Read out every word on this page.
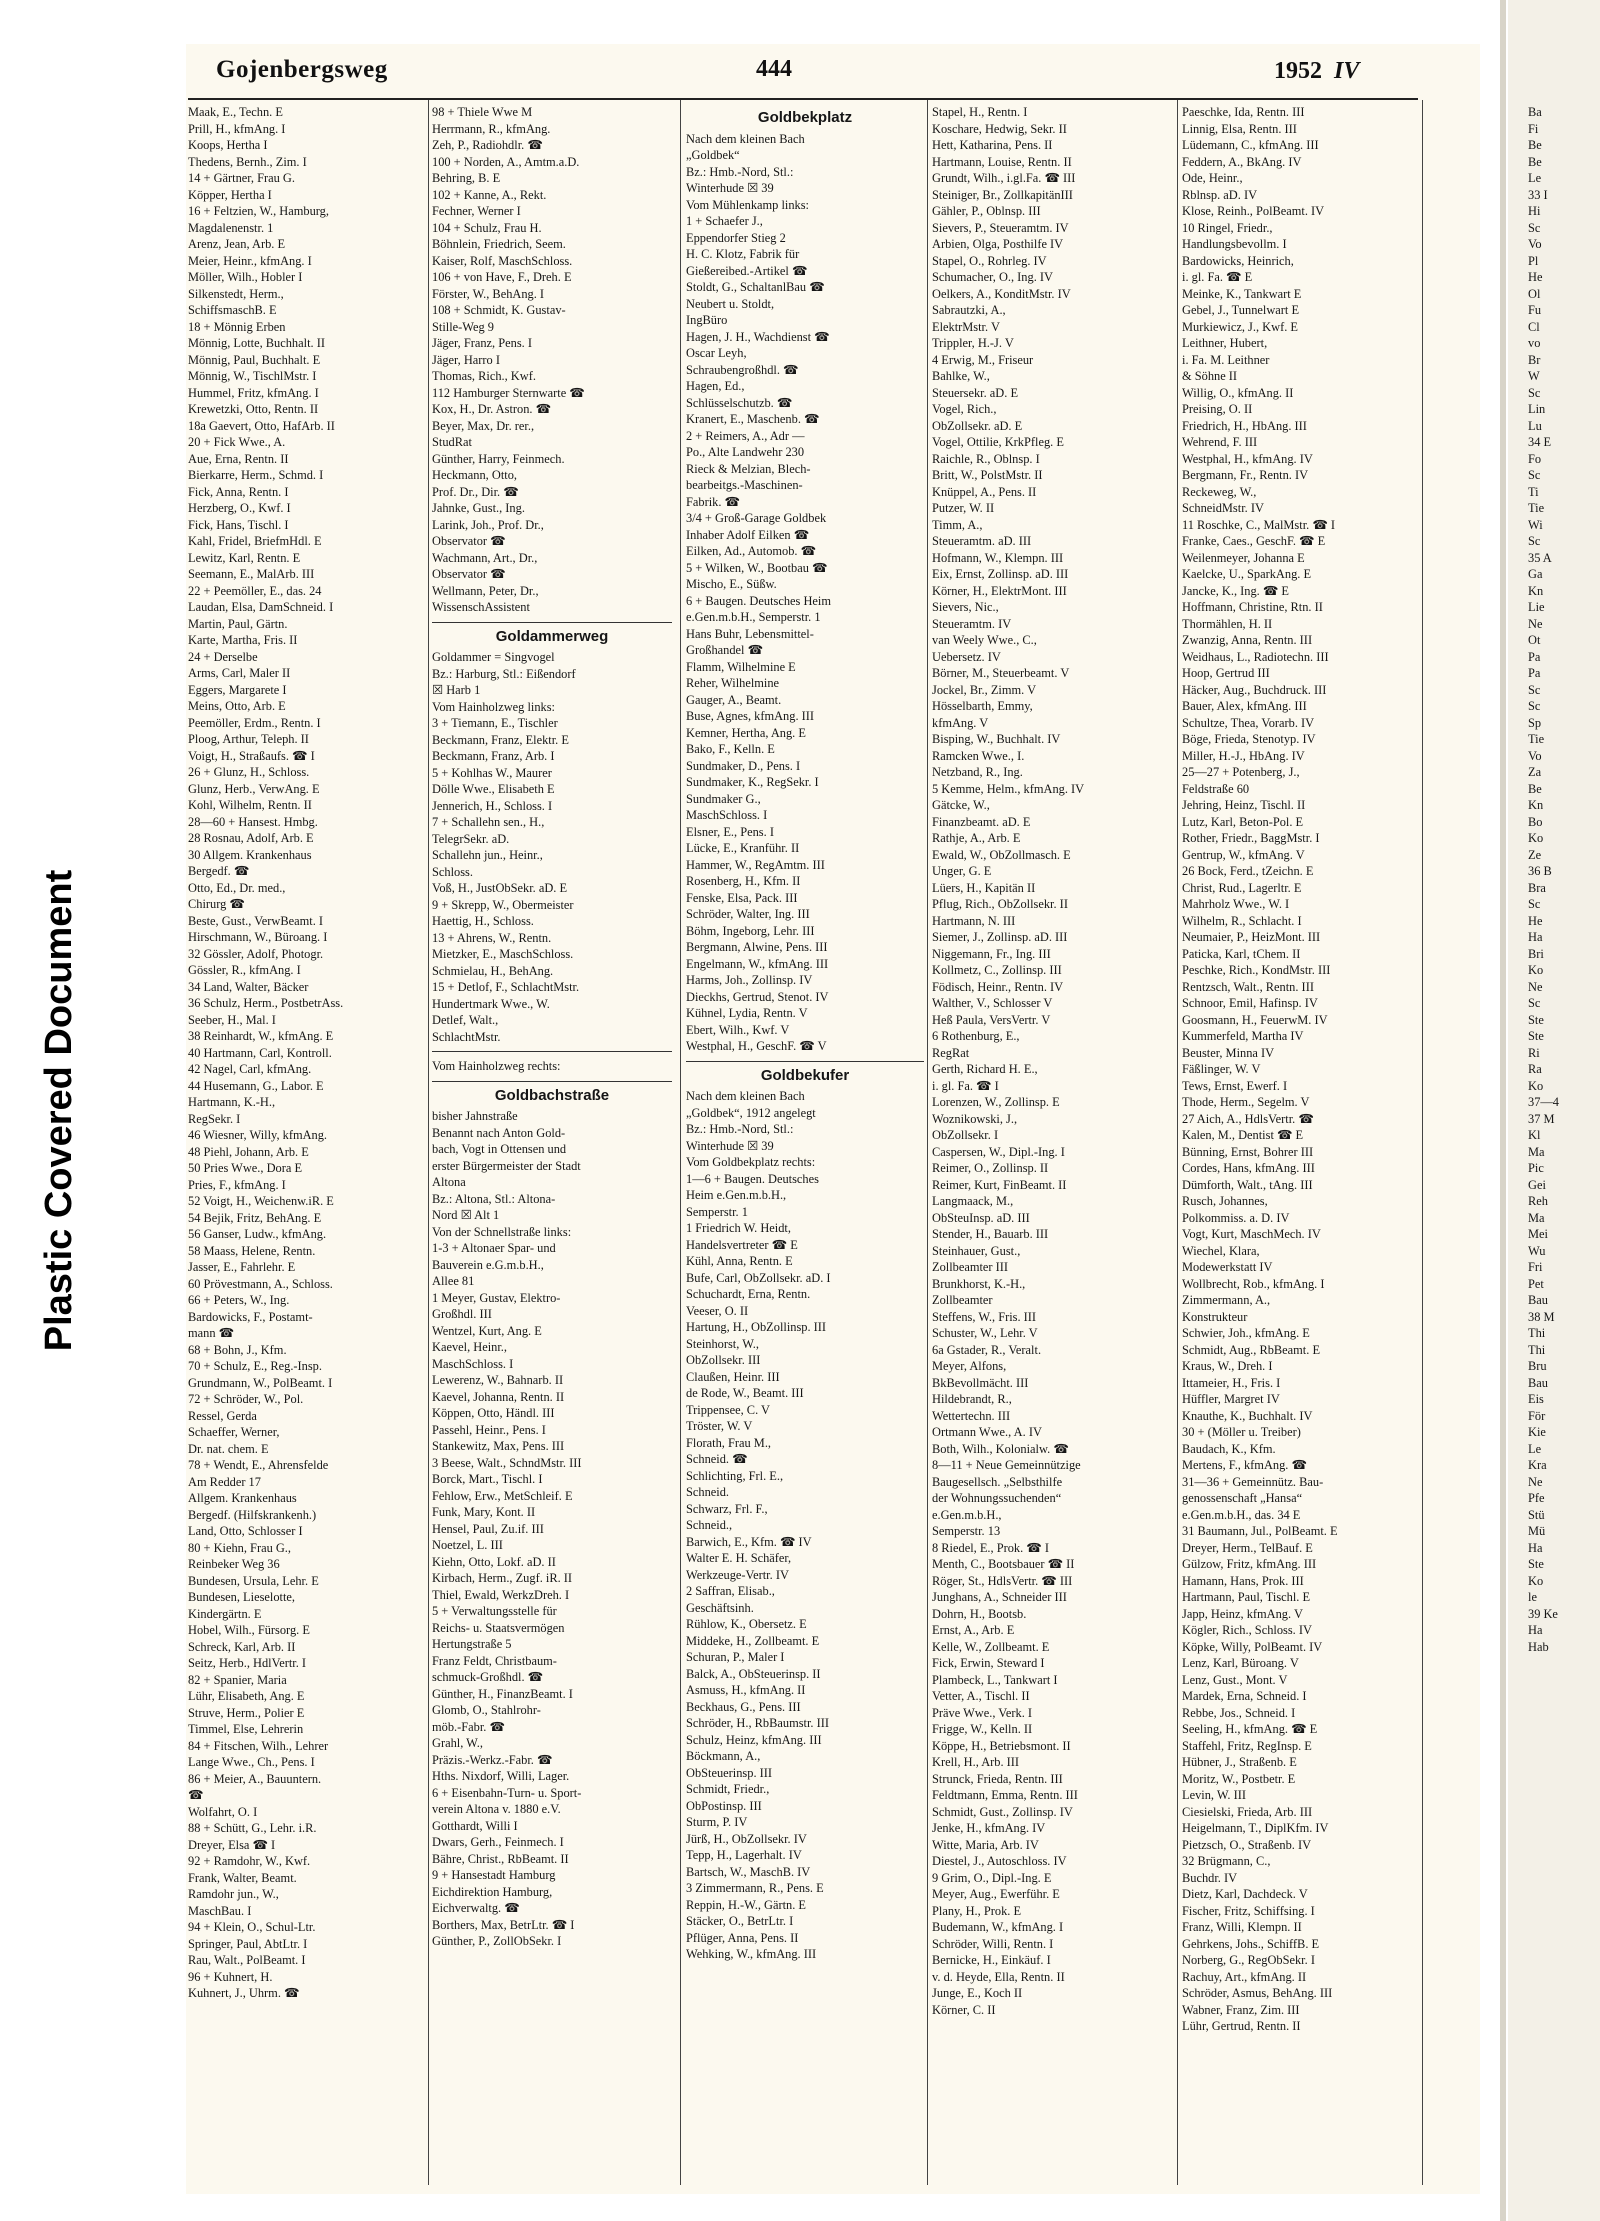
Plastic Covered Document
Gojenbergsweg	444	1952 IV
Maak, E., Techn. E
Prill, H., kfmAng. I
Koops, Hertha I
Thedens, Bernh., Zim. I
14 + Gärtner, Frau G.
Köpper, Hertha I
16 + Feltzien, W., Hamburg,
Magdalenenstr. 1
Arenz, Jean, Arb. E
Meier, Heinr., kfmAng. I
Möller, Wilh., Hobler I
Silkenstedt, Herm.,
SchiffsmaschB. E
18 + Mönnig Erben
Mönnig, Lotte, Buchhalt. II
Mönnig, Paul, Buchhalt. E
Mönnig, W., TischlMstr. I
Hummel, Fritz, kfmAng. I
Krewetzki, Otto, Rentn. II
18a Gaevert, Otto, HafArb. II
20 + Fick Wwe., A.
Aue, Erna, Rentn. II
Bierkarre, Herm., Schmd. I
Fick, Anna, Rentn. I
Herzberg, O., Kwf. I
Fick, Hans, Tischl. I
Kahl, Fridel, BriefmHdl. E
Lewitz, Karl, Rentn. E
Seemann, E., MalArb. III
22 + Peemöller, E., das. 24
Laudan, Elsa, DamSchneid. I
Martin, Paul, Gärtn.
Karte, Martha, Fris. II
24 + Derselbe
Arms, Carl, Maler II
Eggers, Margarete I
Meins, Otto, Arb. E
Peemöller, Erdm., Rentn. I
Ploog, Arthur, Teleph. II
Voigt, H., Straßaufs. ☎ I
26 + Glunz, H., Schloss.
Glunz, Herb., VerwAng. E
Kohl, Wilhelm, Rentn. II
28—60 + Hansest. Hmbg.
28 Rosnau, Adolf, Arb. E
30 Allgem. Krankenhaus
Bergedf. ☎
Otto, Ed., Dr. med.,
Chirurg ☎
Beste, Gust., VerwBeamt. I
Hirschmann, W., Büroang. I
32 Gössler, Adolf, Photogr.
Gössler, R., kfmAng. I
34 Land, Walter, Bäcker
36 Schulz, Herm., PostbetrAss.
Seeber, H., Mal. I
38 Reinhardt, W., kfmAng. E
40 Hartmann, Carl, Kontroll.
42 Nagel, Carl, kfmAng.
44 Husemann, G., Labor. E
Hartmann, K.-H.,
RegSekr. I
46 Wiesner, Willy, kfmAng.
48 Piehl, Johann, Arb. E
50 Pries Wwe., Dora E
Pries, F., kfmAng. I
52 Voigt, H., Weichenw.iR. E
54 Bejik, Fritz, BehAng. E
56 Ganser, Ludw., kfmAng.
58 Maass, Helene, Rentn.
Jasser, E., Fahrlehr. E
60 Prövestmann, A., Schloss.
66 + Peters, W., Ing.
Bardowicks, F., Postamt-
mann ☎
68 + Bohn, J., Kfm.
70 + Schulz, E., Reg.-Insp.
Grundmann, W., PolBeamt. I
72 + Schröder, W., Pol.
Ressel, Gerda
Schaeffer, Werner,
Dr. nat. chem. E
78 + Wendt, E., Ahrensfelde
Am Redder 17
Allgem. Krankenhaus
Bergedf. (Hilfskrankenh.)
Land, Otto, Schlosser I
80 + Kiehn, Frau G.,
Reinbeker Weg 36
Bundesen, Ursula, Lehr. E
Bundesen, Lieselotte,
Kindergärtn. E
Hobel, Wilh., Fürsorg. E
Schreck, Karl, Arb. II
Seitz, Herb., HdlVertr. I
82 + Spanier, Maria
Lühr, Elisabeth, Ang. E
Struve, Herm., Polier E
Timmel, Else, Lehrerin
84 + Fitschen, Wilh., Lehrer
Lange Wwe., Ch., Pens. I
86 + Meier, A., Bauuntern.
☎
Wolfahrt, O. I
88 + Schütt, G., Lehr. i.R.
Dreyer, Elsa ☎ I
92 + Ramdohr, W., Kwf.
Frank, Walter, Beamt.
Ramdohr jun., W.,
MaschBau. I
94 + Klein, O., Schul-Ltr.
Springer, Paul, AbtLtr. I
Rau, Walt., PolBeamt. I
96 + Kuhnert, H.
Kuhnert, J., Uhrm. ☎
98 + Thiele Wwe M
Herrmann, R., kfmAng.
Zeh, P., Radiohdlr. ☎
100 + Norden, A., Amtm.a.D.
Behring, B. E
102 + Kanne, A., Rekt.
Fechner, Werner I
104 + Schulz, Frau H.
Böhnlein, Friedrich, Seem.
Kaiser, Rolf, MaschSchloss.
106 + von Have, F., Dreh. E
Förster, W., BehAng. I
108 + Schmidt, K. Gustav-
Stille-Weg 9
Jäger, Franz, Pens. I
Jäger, Harro I
Thomas, Rich., Kwf.
112 Hamburger Sternwarte ☎
Kox, H., Dr. Astron. ☎
Beyer, Max, Dr. rer.,
StudRat
Günther, Harry, Feinmech.
Heckmann, Otto,
Prof. Dr., Dir. ☎
Jahnke, Gust., Ing.
Larink, Joh., Prof. Dr.,
Observator ☎
Wachmann, Art., Dr.,
Observator ☎
Wellmann, Peter, Dr.,
WissenschAssistent
Goldammerweg
Goldammer = Singvogel
Bz.: Harburg, Stl.: Eißendorf
☒ Harb 1
Vom Hainholzweg links:
3 + Tiemann, E., Tischler
Beckmann, Franz, Elektr. E
Beckmann, Franz, Arb. I
5 + Kohlhas W., Maurer
Dölle Wwe., Elisabeth E
Jennerich, H., Schloss. I
7 + Schallehn sen., H.,
TelegrSekr. aD.
Schallehn jun., Heinr.,
Schloss.
Voß, H., JustObSekr. aD. E
9 + Skrepp, W., Obermeister
Haettig, H., Schloss.
13 + Ahrens, W., Rentn.
Mietzker, E., MaschSchloss.
Schmielau, H., BehAng.
15 + Detlof, F., SchlachtMstr.
Hundertmark Wwe., W.
Detlef, Walt.,
SchlachtMstr.
Vom Hainholzweg rechts:
Goldbachstraße
bisher Jahnstraße
Benannt nach Anton Gold-
bach, Vogt in Ottensen und
erster Bürgermeister der Stadt
Altona
Bz.: Altona, Stl.: Altona-
Nord ☒ Alt 1
Von der Schnellstraße links:
1-3 + Altonaer Spar- und
Bauverein e.G.m.b.H.,
Allee 81
1 Meyer, Gustav, Elektro-
Großhdl. III
Wentzel, Kurt, Ang. E
Kaevel, Heinr.,
MaschSchloss. I
Lewerenz, W., Bahnarb. II
Kaevel, Johanna, Rentn. II
Köppen, Otto, Händl. III
Passehl, Heinr., Pens. I
Stankewitz, Max, Pens. III
3 Beese, Walt., SchndMstr. III
Borck, Mart., Tischl. I
Fehlow, Erw., MetSchleif. E
Funk, Mary, Kont. II
Hensel, Paul, Zu.if. III
Noetzel, L. III
Kiehn, Otto, Lokf. aD. II
Kirbach, Herm., Zugf. iR. II
Thiel, Ewald, WerkzDreh. I
5 + Verwaltungsstelle für
Reichs- u. Staatsvermögen
Hertungstraße 5
Franz Feldt, Christbaum-
schmuck-Großhdl. ☎
Günther, H., FinanzBeamt. I
Glomb, O., Stahlrohr-
möb.-Fabr. ☎
Grahl, W.,
Präzis.-Werkz.-Fabr. ☎
Hths. Nixdorf, Willi, Lager.
6 + Eisenbahn-Turn- u. Sport-
verein Altona v. 1880 e.V.
Gotthardt, Willi I
Dwars, Gerh., Feinmech. I
Bähre, Christ., RbBeamt. II
9 + Hansestadt Hamburg
Eichdirektion Hamburg,
Eichverwaltg. ☎
Borthers, Max, BetrLtr. ☎ I
Günther, P., ZollObSekr. I
Goldbekplatz
Nach dem kleinen Bach
„Goldbek“
Bz.: Hmb.-Nord, Stl.:
Winterhude ☒ 39
Vom Mühlenkamp links:
1 + Schaefer J.,
Eppendorfer Stieg 2
H. C. Klotz, Fabrik für
Gießereibed.-Artikel ☎
Stoldt, G., SchaltanlBau ☎
Neubert u. Stoldt,
IngBüro
Hagen, J. H., Wachdienst ☎
Oscar Leyh,
Schraubengroßhdl. ☎
Hagen, Ed.,
Schlüsselschutzb. ☎
Kranert, E., Maschenb. ☎
2 + Reimers, A., Adr —
Po., Alte Landwehr 230
Rieck & Melzian, Blech-
bearbeitgs.-Maschinen-
Fabrik. ☎
3/4 + Groß-Garage Goldbek
Inhaber Adolf Eilken ☎
Eilken, Ad., Automob. ☎
5 + Wilken, W., Bootbau ☎
Mischo, E., Süßw.
6 + Baugen. Deutsches Heim
e.Gen.m.b.H., Semperstr. 1
Hans Buhr, Lebensmittel-
Großhandel ☎
Flamm, Wilhelmine E
Reher, Wilhelmine
Gauger, A., Beamt.
Buse, Agnes, kfmAng. III
Kemner, Hertha, Ang. E
Bako, F., Kelln. E
Sundmaker, D., Pens. I
Sundmaker, K., RegSekr. I
Sundmaker G.,
MaschSchloss. I
Elsner, E., Pens. I
Lücke, E., Kranführ. II
Hammer, W., RegAmtm. III
Rosenberg, H., Kfm. II
Fenske, Elsa, Pack. III
Schröder, Walter, Ing. III
Böhm, Ingeborg, Lehr. III
Bergmann, Alwine, Pens. III
Engelmann, W., kfmAng. III
Harms, Joh., Zollinsp. IV
Dieckhs, Gertrud, Stenot. IV
Kühnel, Lydia, Rentn. V
Ebert, Wilh., Kwf. V
Westphal, H., GeschF. ☎ V
Goldbekufer
Nach dem kleinen Bach
„Goldbek“, 1912 angelegt
Bz.: Hmb.-Nord, Stl.:
Winterhude ☒ 39
Vom Goldbekplatz rechts:
1—6 + Baugen. Deutsches
Heim e.Gen.m.b.H.,
Semperstr. 1
1 Friedrich W. Heidt,
Handelsvertreter ☎ E
Kühl, Anna, Rentn. E
Bufe, Carl, ObZollsekr. aD. I
Schuchardt, Erna, Rentn.
Veeser, O. II
Hartung, H., ObZollinsp. III
Steinhorst, W.,
ObZollsekr. III
Claußen, Heinr. III
de Rode, W., Beamt. III
Trippensee, C. V
Tröster, W. V
Florath, Frau M.,
Schneid. ☎
Schlichting, Frl. E.,
Schneid.
Schwarz, Frl. F.,
Schneid.,
Barwich, E., Kfm. ☎ IV
Walter E. H. Schäfer,
Werkzeuge-Vertr. IV
2 Saffran, Elisab.,
Geschäftsinh.
Rühlow, K., Obersetz. E
Middeke, H., Zollbeamt. E
Schuran, P., Maler I
Balck, A., ObSteuerinsp. II
Asmuss, H., kfmAng. II
Beckhaus, G., Pens. III
Schröder, H., RbBaumstr. III
Schulz, Heinz, kfmAng. III
Böckmann, A.,
ObSteuerinsp. III
Schmidt, Friedr.,
ObPostinsp. III
Sturm, P. IV
Jürß, H., ObZollsekr. IV
Tepp, H., Lagerhalt. IV
Bartsch, W., MaschB. IV
3 Zimmermann, R., Pens. E
Reppin, H.-W., Gärtn. E
Stäcker, O., BetrLtr. I
Pflüger, Anna, Pens. II
Wehking, W., kfmAng. III
Stapel, H., Rentn. I
Koschare, Hedwig, Sekr. II
Hett, Katharina, Pens. II
Hartmann, Louise, Rentn. II
Grundt, Wilh., i.gl.Fa. ☎ III
Steiniger, Br., ZollkapitänIII
Gähler, P., Oblnsp. III
Sievers, P., Steueramtm. IV
Arbien, Olga, Posthilfe IV
Stapel, O., Rohrleg. IV
Schumacher, O., Ing. IV
Oelkers, A., KonditMstr. IV
Sabrautzki, A.,
ElektrMstr. V
Trippler, H.-J. V
4 Erwig, M., Friseur
Bahlke, W.,
Steuersekr. aD. E
Vogel, Rich.,
ObZollsekr. aD. E
Vogel, Ottilie, KrkPfleg. E
Raichle, R., Oblnsp. I
Britt, W., PolstMstr. II
Knüppel, A., Pens. II
Putzer, W. II
Timm, A.,
Steueramtm. aD. III
Hofmann, W., Klempn. III
Eix, Ernst, Zollinsp. aD. III
Körner, H., ElektrMont. III
Sievers, Nic.,
Steueramtm. IV
van Weely Wwe., C.,
Uebersetz. IV
Börner, M., Steuerbeamt. V
Jockel, Br., Zimm. V
Hösselbarth, Emmy,
kfmAng. V
Bisping, W., Buchhalt. IV
Ramcken Wwe., I.
Netzband, R., Ing.
5 Kemme, Helm., kfmAng. IV
Gätcke, W.,
Finanzbeamt. aD. E
Rathje, A., Arb. E
Ewald, W., ObZollmasch. E
Unger, G. E
Lüers, H., Kapitän II
Pflug, Rich., ObZollsekr. II
Hartmann, N. III
Siemer, J., Zollinsp. aD. III
Niggemann, Fr., Ing. III
Kollmetz, C., Zollinsp. III
Födisch, Heinr., Rentn. IV
Walther, V., Schlosser V
Heß Paula, VersVertr. V
6 Rothenburg, E.,
RegRat
Gerth, Richard H. E.,
i. gl. Fa. ☎ I
Lorenzen, W., Zollinsp. E
Woznikowski, J.,
ObZollsekr. I
Caspersen, W., Dipl.-Ing. I
Reimer, O., Zollinsp. II
Reimer, Kurt, FinBeamt. II
Langmaack, M.,
ObSteuInsp. aD. III
Stender, H., Bauarb. III
Steinhauer, Gust.,
Zollbeamter III
Brunkhorst, K.-H.,
Zollbeamter
Steffens, W., Fris. III
Schuster, W., Lehr. V
6a Gstader, R., Veralt.
Meyer, Alfons,
BkBevollmächt. III
Hildebrandt, R.,
Wettertechn. III
Ortmann Wwe., A. IV
Both, Wilh., Kolonialw. ☎
8—11 + Neue Gemeinnützige
Baugesellsch. „Selbsthilfe
der Wohnungssuchenden“
e.Gen.m.b.H.,
Semperstr. 13
8 Riedel, E., Prok. ☎ I
Menth, C., Bootsbauer ☎ II
Röger, St., HdlsVertr. ☎ III
Junghans, A., Schneider III
Dohrn, H., Bootsb.
Ernst, A., Arb. E
Kelle, W., Zollbeamt. E
Fick, Erwin, Steward I
Plambeck, L., Tankwart I
Vetter, A., Tischl. II
Präve Wwe., Verk. I
Frigge, W., Kelln. II
Köppe, H., Betriebsmont. II
Krell, H., Arb. III
Strunck, Frieda, Rentn. III
Feldtmann, Emma, Rentn. III
Schmidt, Gust., Zollinsp. IV
Jenke, H., kfmAng. IV
Witte, Maria, Arb. IV
Diestel, J., Autoschloss. IV
9 Grim, O., Dipl.-Ing. E
Meyer, Aug., Ewerführ. E
Plany, H., Prok. E
Budemann, W., kfmAng. I
Schröder, Willi, Rentn. I
Bernicke, H., Einkäuf. I
v. d. Heyde, Ella, Rentn. II
Junge, E., Koch II
Körner, C. II
Paeschke, Ida, Rentn. III
Linnig, Elsa, Rentn. III
Lüdemann, C., kfmAng. III
Feddern, A., BkAng. IV
Ode, Heinr.,
Rblnsp. aD. IV
Klose, Reinh., PolBeamt. IV
10 Ringel, Friedr.,
Handlungsbevollm. I
Bardowicks, Heinrich,
i. gl. Fa. ☎ E
Meinke, K., Tankwart E
Gebel, J., Tunnelwart E
Murkiewicz, J., Kwf. E
Leithner, Hubert,
i. Fa. M. Leithner
& Söhne II
Willig, O., kfmAng. II
Preising, O. II
Friedrich, H., HbAng. III
Wehrend, F. III
Westphal, H., kfmAng. IV
Bergmann, Fr., Rentn. IV
Reckeweg, W.,
SchneidMstr. IV
11 Roschke, C., MalMstr. ☎ I
Franke, Caes., GeschF. ☎ E
Weilenmeyer, Johanna E
Kaelcke, U., SparkAng. E
Jancke, K., Ing. ☎ E
Hoffmann, Christine, Rtn. II
Thormählen, H. II
Zwanzig, Anna, Rentn. III
Weidhaus, L., Radiotechn. III
Hoop, Gertrud III
Häcker, Aug., Buchdruck. III
Bauer, Alex, kfmAng. III
Schultze, Thea, Vorarb. IV
Böge, Frieda, Stenotyp. IV
Miller, H.-J., HbAng. IV
25—27 + Potenberg, J.,
Feldstraße 60
Jehring, Heinz, Tischl. II
Lutz, Karl, Beton-Pol. E
Rother, Friedr., BaggMstr. I
Gentrup, W., kfmAng. V
26 Bock, Ferd., tZeichn. E
Christ, Rud., Lagerltr. E
Mahrholz Wwe., W. I
Wilhelm, R., Schlacht. I
Neumaier, P., HeizMont. III
Paticka, Karl, tChem. II
Peschke, Rich., KondMstr. III
Rentzsch, Walt., Rentn. III
Schnoor, Emil, Hafinsp. IV
Goosmann, H., FeuerwM. IV
Kummerfeld, Martha IV
Beuster, Minna IV
Fäßlinger, W. V
Tews, Ernst, Ewerf. I
Thode, Herm., Segelm. V
27 Aich, A., HdlsVertr. ☎
Kalen, M., Dentist ☎ E
Bünning, Ernst, Bohrer III
Cordes, Hans, kfmAng. III
Dümforth, Walt., tAng. III
Rusch, Johannes,
Polkommiss. a. D. IV
Vogt, Kurt, MaschMech. IV
Wiechel, Klara,
Modewerkstatt IV
Wollbrecht, Rob., kfmAng. I
Zimmermann, A.,
Konstrukteur
Schwier, Joh., kfmAng. E
Schmidt, Aug., RbBeamt. E
Kraus, W., Dreh. I
Ittameier, H., Fris. I
Hüffler, Margret IV
Knauthe, K., Buchhalt. IV
30 + (Möller u. Treiber)
Baudach, K., Kfm.
Mertens, F., kfmAng. ☎
31—36 + Gemeinnütz. Bau-
genossenschaft „Hansa“
e.Gen.m.b.H., das. 34 E
31 Baumann, Jul., PolBeamt. E
Dreyer, Herm., TelBauf. E
Gülzow, Fritz, kfmAng. III
Hamann, Hans, Prok. III
Hartmann, Paul, Tischl. E
Japp, Heinz, kfmAng. V
Kögler, Rich., Schloss. IV
Köpke, Willy, PolBeamt. IV
Lenz, Karl, Büroang. V
Lenz, Gust., Mont. V
Mardek, Erna, Schneid. I
Rebbe, Jos., Schneid. I
Seeling, H., kfmAng. ☎ E
Staffehl, Fritz, RegInsp. E
Hübner, J., Straßenb. E
Moritz, W., Postbetr. E
Levin, W. III
Ciesielski, Frieda, Arb. III
Heigelmann, T., DiplKfm. IV
Pietzsch, O., Straßenb. IV
32 Brügmann, C.,
Buchdr. IV
Dietz, Karl, Dachdeck. V
Fischer, Fritz, Schiffsing. I
Franz, Willi, Klempn. II
Gehrkens, Johs., SchiffB. E
Norberg, G., RegObSekr. I
Rachuy, Art., kfmAng. II
Schröder, Asmus, BehAng. III
Wabner, Franz, Zim. III
Lühr, Gertrud, Rentn. II
Ba
Fi
Be
Be
Le
33 I
Hi
Sc
Vo
Pl
He
Ol
Fu
Cl
vo
Br
W
Sc
Lin
Lu
34 E
Fo
Sc
Ti
Tie
Wi
Sc
35 A
Ga
Kn
Lie
Ne
Ot
Pa
Pa
Sc
Sc
Sp
Tie
Vo
Za
Be
Kn
Bo
Ko
Ze
36 B
Bra
Sc
He
Ha
Bri
Ko
Ne
Sc
Ste
Ste
Ri
Ra
Ko
37—4
37 M
Kl
Ma
Pic
Gei
Reh
Ma
Mei
Wu
Fri
Pet
Bau
38 M
Thi
Thi
Bru
Bau
Eis
För
Kie
Le
Kra
Ne
Pfe
Stü
Mü
Ha
Ste
Ko
le
39 Ke
Ha
Hab
